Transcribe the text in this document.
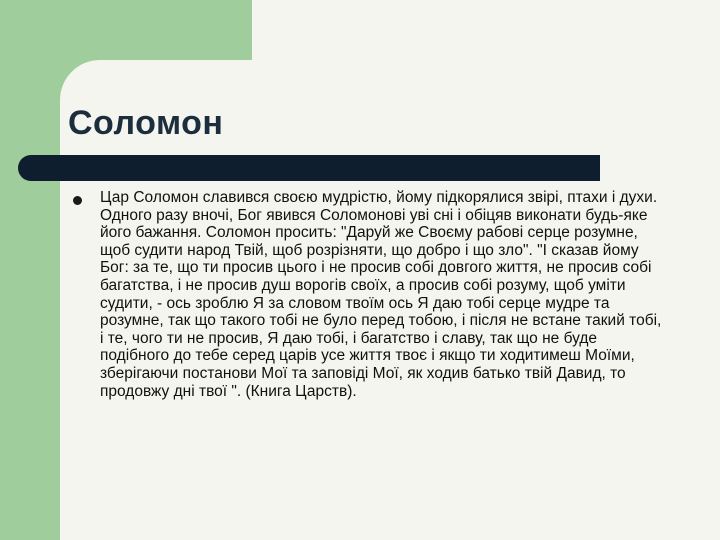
Соломон

Цар Соломон славився своєю мудрістю, йому підкорялися звірі, птахи і духи. Одного разу вночі, Бог явився Соломонові уві сні і обіцяв виконати будь-яке його бажання. Соломон просить: "Даруй же Своєму рабові серце розумне, щоб судити народ Твій, щоб розрізняти, що добро і що зло". "І сказав йому Бог: за те, що ти просив цього і не просив собі довгого життя, не просив собі багатства, і не просив душ ворогів своїх, а просив собі розуму, щоб уміти судити, - ось зроблю Я за словом твоїм ось Я даю тобі серце мудре та розумне, так що такого тобі не було перед тобою, і після не встане такий тобі, і те, чого ти не просив, Я даю тобі, і багатство і славу, так що не буде подібного до тебе серед царів усе життя твоє і якщо ти ходитимеш Моїми, зберігаючи постанови Мої та заповіді Мої, як ходив батько твій Давид, то продовжу дні твої ". (Книга Царств).
